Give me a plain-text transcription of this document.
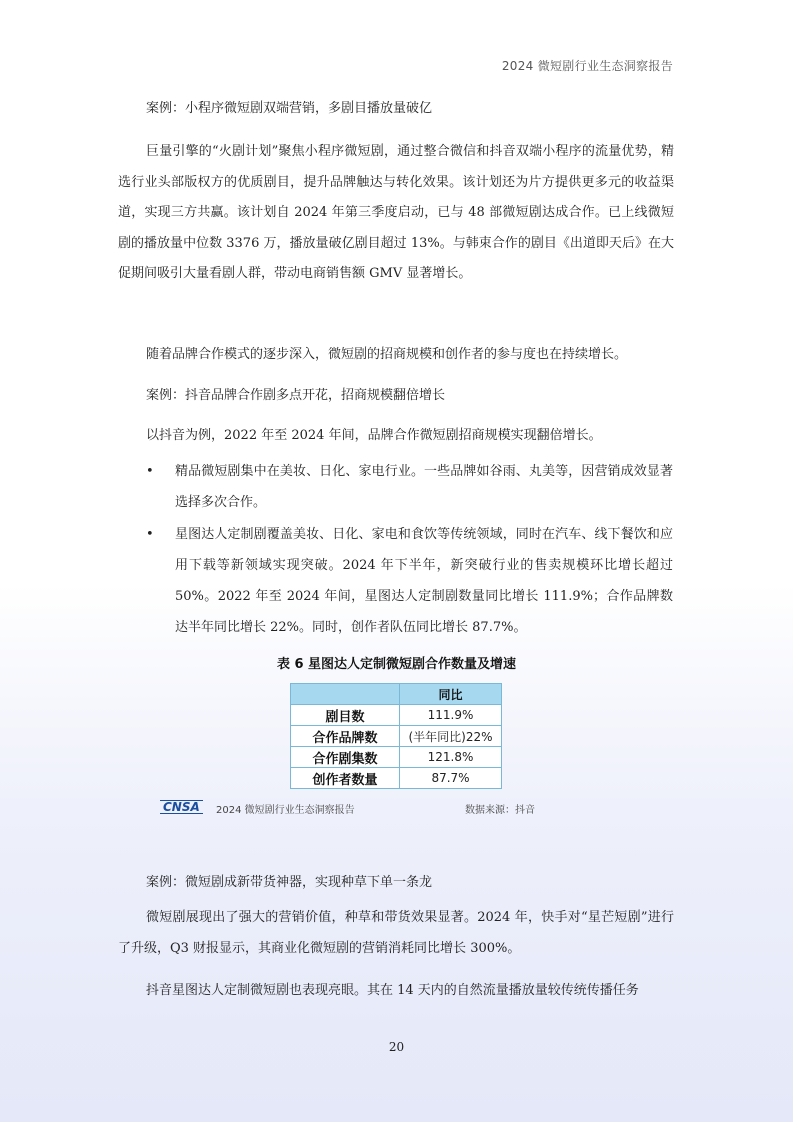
2024 微短剧行业生态洞察报告
案例：小程序微短剧双端营销，多剧目播放量破亿

巨量引擎的“火剧计划”聚焦小程序微短剧，通过整合微信和抖音双端小程序的流量优势，精选行业头部版权方的优质剧目，提升品牌触达与转化效果。该计划还为片方提供更多元的收益渠道，实现三方共赢。该计划自 2024 年第三季度启动，已与 48 部微短剧达成合作。已上线微短剧的播放量中位数 3376 万，播放量破亿剧目超过 13%。与韩束合作的剧目《出道即天后》在大促期间吸引大量看剧人群，带动电商销售额 GMV 显著增长。

随着品牌合作模式的逐步深入，微短剧的招商规模和创作者的参与度也在持续增长。

案例：抖音品牌合作剧多点开花，招商规模翻倍增长
以抖音为例，2022 年至 2024 年间，品牌合作微短剧招商规模实现翻倍增长。
• 精品微短剧集中在美妆、日化、家电行业。一些品牌如谷雨、丸美等，因营销成效显著选择多次合作。

• 星图达人定制剧覆盖美妆、日化、家电和食饮等传统领域，同时在汽车、线下餐饮和应用下载等新领域实现突破。2024 年下半年，新突破行业的售卖规模环比增长超过 50%。2022 年至 2024 年间，星图达人定制剧数量同比增长 111.9%；合作品牌数达半年同比增长 22%。同时，创作者队伍同比增长 87.7%。

表 6 星图达人定制微短剧合作数量及增速
	同比
剧目数	111.9%
合作品牌数	(半年同比)22%
合作剧集数	121.8%
创作者数量	87.7%
CNSA	2024 微短剧行业生态洞察报告	数据来源：抖音
案例：微短剧成新带货神器，实现种草下单一条龙

微短剧展现出了强大的营销价值，种草和带货效果显著。2024 年，快手对“星芒短剧”进行了升级，Q3 财报显示，其商业化微短剧的营销消耗同比增长 300%。

抖音星图达人定制微短剧也表现亮眼。其在 14 天内的自然流量播放量较传统传播任务

20
